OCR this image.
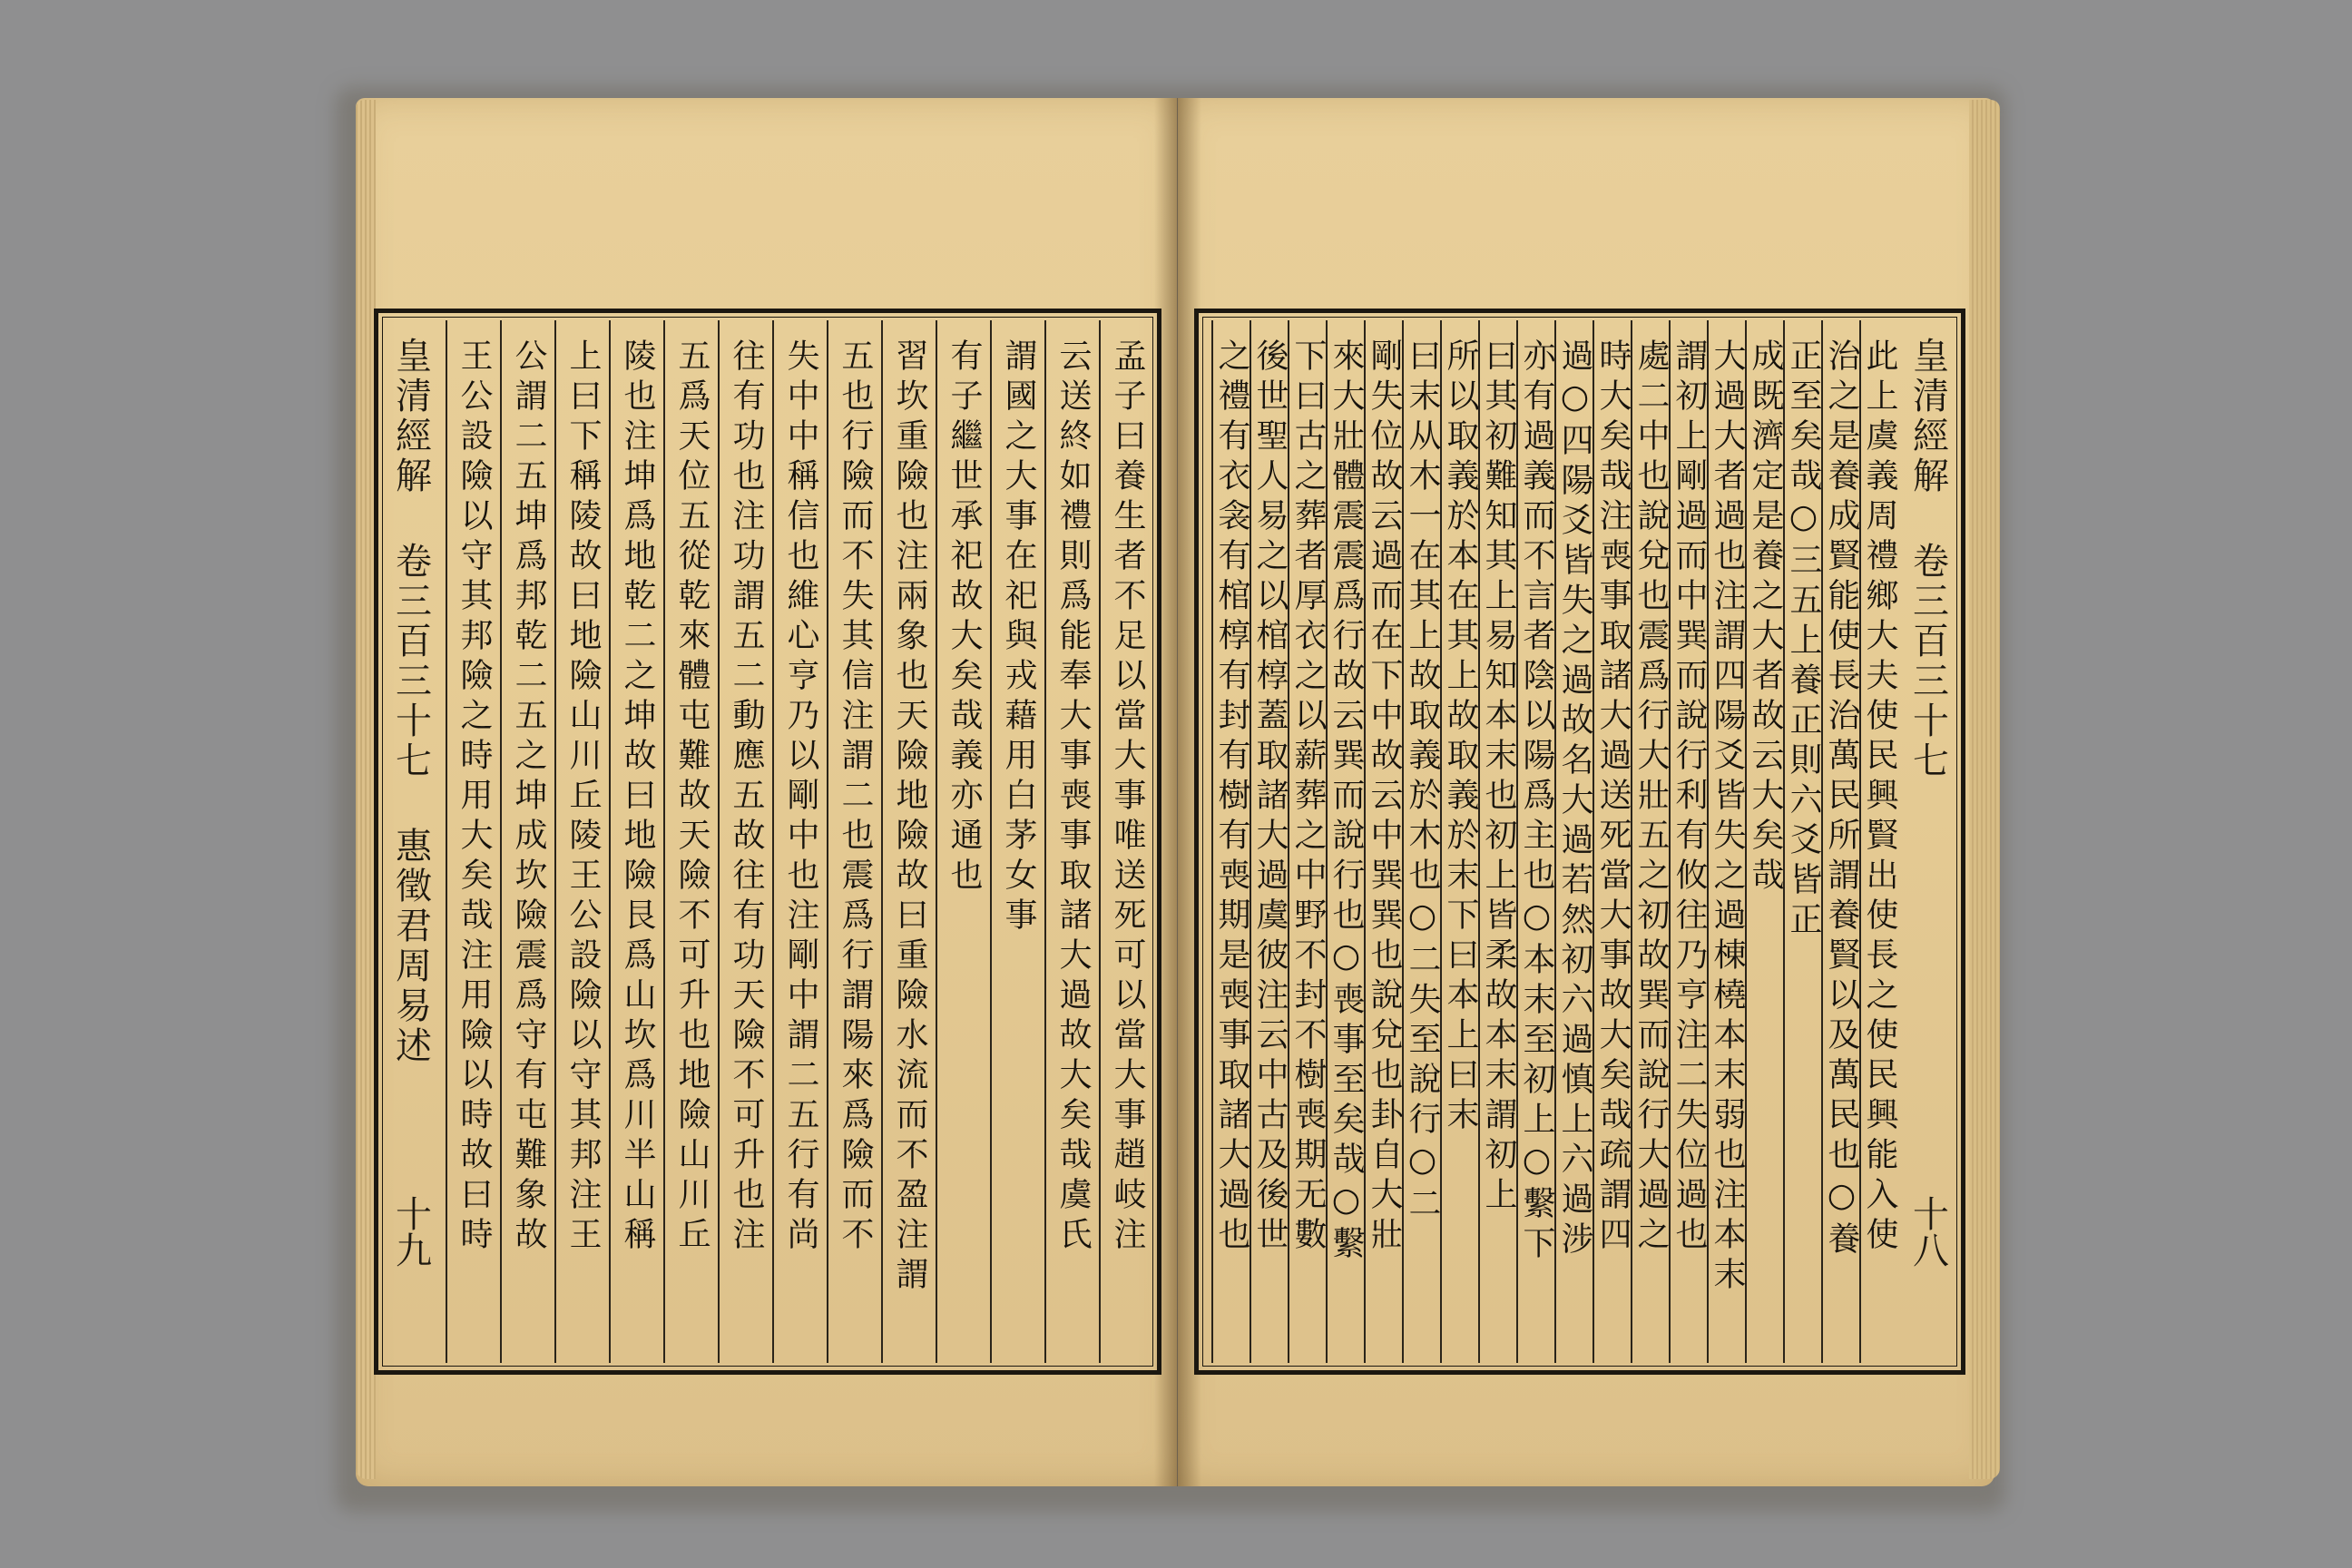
皇清經解 卷三百三十七 惠徵君周易述
十九 王公設險以守其邦險之時用大矣哉注用險以時故曰時 公謂二五坤爲邦乾二五之坤成坎險震爲守有屯難象故 上曰下稱陵故曰地險山川丘陵王公設險以守其邦注王 陵也注坤爲地乾二之坤故曰地險艮爲山坎爲川半山稱 五爲天位五從乾來體屯難故天險不可升也地險山川丘 往有功也注功謂五二動應五故往有功天險不可升也注 失中中稱信也維心亨乃以剛中也注剛中謂二五行有尚 五也行險而不失其信注謂二也震爲行謂陽來爲險而不 習坎重險也注兩象也天險地險故曰重險水流而不盈注謂 有子繼世承祀故大矣哉義亦通也 謂國之大事在祀與戎藉用白茅女事 云送終如禮則爲能奉大事喪事取諸大過故大矣哉虞氏 孟子曰養生者不足以當大事唯送死可以當大事趙岐注	皇清經解 卷三百三十七
十八
此上虞義周禮鄉大夫使民興賢出使長之使民興能入使
治之是養成賢能使長治萬民所謂養賢以及萬民也○養
正至矣哉○三五上養正則六爻皆正
成既濟定是養之大者故云大矣哉
大過大者過也注謂四陽爻皆失之過棟橈本末弱也注本末
謂初上剛過而中巽而說行利有攸往乃亨注二失位過也
處二中也說兌也震爲行大壯五之初故巽而說行大過之
時大矣哉注喪事取諸大過送死當大事故大矣哉疏謂四
過○四陽爻皆失之過故名大過若然初六過慎上六過涉
亦有過義而不言者陰以陽爲主也○本末至初上○繫下
曰其初難知其上易知本末也初上皆柔故本末謂初上
所以取義於本在其上故取義於末下曰本上曰末
曰末从木一在其上故取義於木也○二失至說行○二
剛失位故云過而在下中故云中巽巽也說兌也卦自大壯
來大壯體震震爲行故云巽而說行也○喪事至矣哉○繫
下曰古之葬者厚衣之以薪葬之中野不封不樹喪期无數
後世聖人易之以棺椁蓋取諸大過虞彼注云中古及後世
之禮有衣衾有棺椁有封有樹有喪期是喪事取諸大過也
